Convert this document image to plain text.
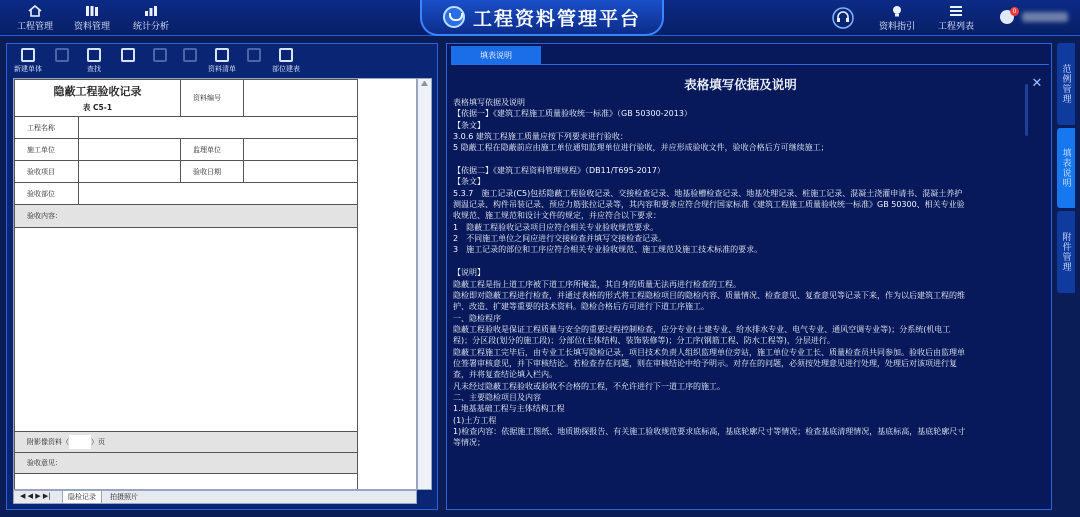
工程管理 资料管理	统计分析	工程资料管理平台	资料指引	工程列表
0
新建单体	查找	资料清单	部位建表
隐蔽工程验收记录
表 C5-1
资料编号
工程名称
施工单位	监理单位
验收项目	验收日期
验收部位
验收内容：
附影像资料（	）页
验收意见：
◀ ◀ ▶ ▶|	隐检记录	拍摄照片
填表说明
表格填写依据及说明
表格填写依据及说明
【依据一】《建筑工程施工质量验收统一标准》（GB 50300-2013）
【条文】
3.0.6 建筑工程施工质量应按下列要求进行验收：
5 隐蔽工程在隐蔽前应由施工单位通知监理单位进行验收，并应形成验收文件，验收合格后方可继续施工；
【依据二】《建筑工程资料管理规程》（DB11/T695-2017）
【条文】
5.3.7　施工记录(C5)包括隐蔽工程验收记录、交接检查记录、地基验槽检查记录、地基处理记录、桩施工记录、混凝土浇灌申请书、混凝土养护
测温记录、构件吊装记录、预应力筋张拉记录等，其内容和要求应符合现行国家标准《建筑工程施工质量验收统一标准》GB 50300、相关专业验
收规范、施工规范和设计文件的规定，并应符合以下要求：
1　隐蔽工程验收记录项目应符合相关专业验收规范要求。
2　不同施工单位之间应进行交接检查并填写交接检查记录。
3　施工记录的部位和工序应符合相关专业验收规范、施工规范及施工技术标准的要求。
【说明】
隐蔽工程是指上道工序被下道工序所掩盖，其自身的质量无法再进行检查的工程。
隐检即对隐蔽工程进行检查，并通过表格的形式将工程隐检项目的隐检内容、质量情况、检查意见、复查意见等记录下来，作为以后建筑工程的维
护、改造、扩建等重要的技术资料。隐检合格后方可进行下道工序施工。
一、隐检程序
隐蔽工程验收是保证工程质量与安全的重要过程控制检查，应分专业(土建专业、给水排水专业、电气专业、通风空调专业等)；分系统(机电工
程)；分区段(划分的施工段)；分部位(主体结构、装饰装修等)；分工序(钢筋工程、防水工程等)，分层进行。
隐蔽工程施工完毕后，由专业工长填写隐检记录，项目技术负责人组织监理单位旁站，施工单位专业工长、质量检查员共同参加。验收后由监理单
位签署审核意见，并下审核结论。若检查存在问题，则在审核结论中给予明示。对存在的问题，必须按处理意见进行处理，处理后对该项进行复
查，并将复查结论填入栏内。
凡未经过隐蔽工程验收或验收不合格的工程，不允许进行下一道工序的施工。
二、主要隐检项目及内容
1.地基基础工程与主体结构工程
(1)土方工程
1)检查内容：依据施工图纸、地质勘探报告、有关施工验收规范要求底标高，基底轮廓尺寸等情况；检查基底清理情况，基底标高，基底轮廓尺寸
等情况；
✕ 范例管理
填表说明
附件管理
